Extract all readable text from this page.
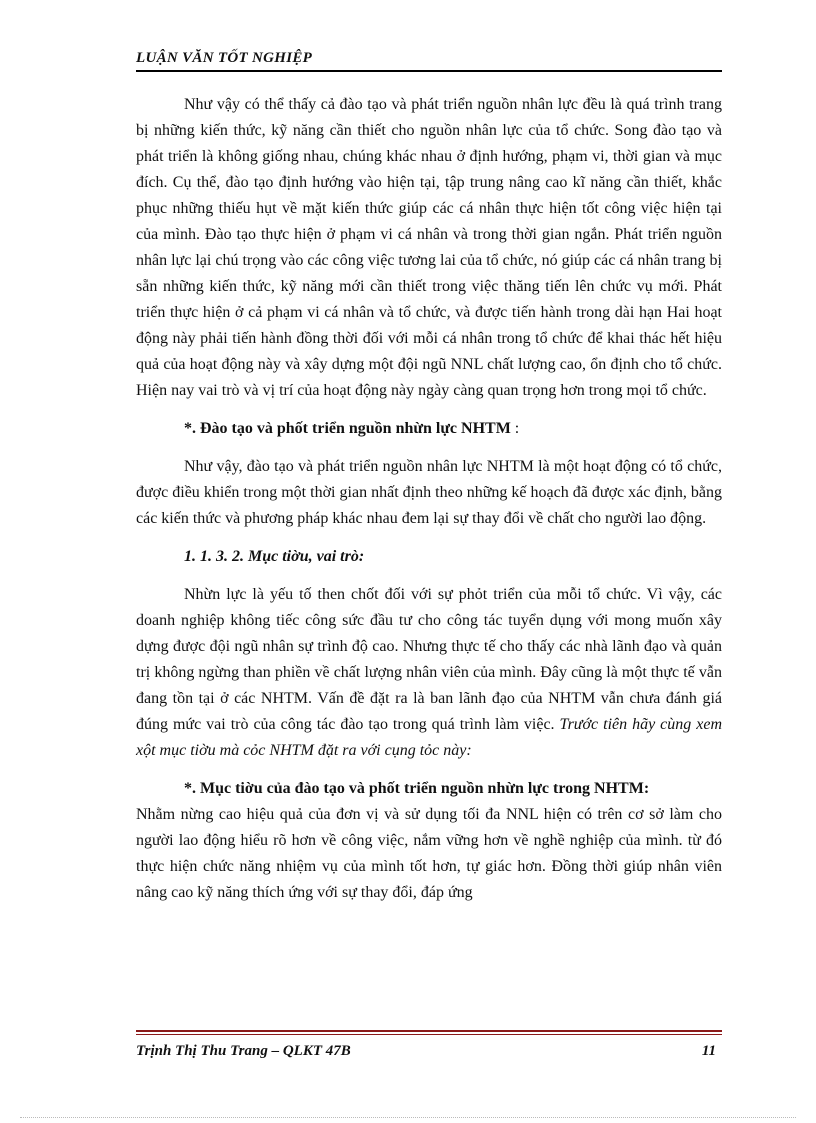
LUẬN VĂN TỐT NGHIỆP

Như vậy có thể thấy cả đào tạo và phát triển nguồn nhân lực đều là quá trình trang bị những kiến thức, kỹ năng cần thiết cho nguồn nhân lực của tổ chức. Song đào tạo và phát triển là không giống nhau, chúng khác nhau ở định hướng, phạm vi, thời gian và mục đích. Cụ thể, đào tạo định hướng vào hiện tại, tập trung nâng cao kĩ năng cần thiết, khắc phục những thiếu hụt về mặt kiến thức giúp các cá nhân thực hiện tốt công việc hiện tại của mình. Đào tạo thực hiện ở phạm vi cá nhân và trong thời gian ngắn. Phát triển nguồn nhân lực lại chú trọng vào các công việc tương lai của tổ chức, nó giúp các cá nhân trang bị sẵn những kiến thức, kỹ năng mới cần thiết trong việc thăng tiến lên chức vụ mới. Phát triển thực hiện ở cả phạm vi cá nhân và tổ chức, và được tiến hành trong dài hạn Hai hoạt động này phải tiến hành đồng thời đối với mỗi cá nhân trong tổ chức để khai thác hết hiệu quả của hoạt động này và xây dựng một đội ngũ NNL chất lượng cao, ổn định cho tổ chức. Hiện nay vai trò và vị trí của hoạt động này ngày càng quan trọng hơn trong mọi tổ chức.

*. Đào tạo và phốt triển nguồn nhừn lực NHTM :

Như vậy, đào tạo và phát triển nguồn nhân lực NHTM là một hoạt động có tổ chức, được điều khiển trong một thời gian nhất định theo những kế hoạch đã được xác định, bằng các kiến thức và phương pháp khác nhau đem lại sự thay đổi về chất cho người lao động.

1. 1. 3. 2. Mục tiờu, vai trò:

Nhừn lực là yếu tố then chốt đối với sự phỏt triển của mỗi tổ chức. Vì vậy, các doanh nghiệp không tiếc công sức đầu tư cho công tác tuyển dụng với mong muốn xây dựng được đội ngũ nhân sự trình độ cao. Nhưng thực tế cho thấy các nhà lãnh đạo và quản trị không ngừng than phiền về chất lượng nhân viên của mình. Đây cũng là một thực tế vẫn đang tồn tại ở các NHTM. Vấn đề đặt ra là ban lãnh đạo của NHTM vẫn chưa đánh giá đúng mức vai trò của công tác đào tạo trong quá trình làm việc. Trước tiên hãy cùng xem xột mục tiờu mà cỏc NHTM đặt ra với cụng tỏc này:

*. Mục tiờu của đào tạo và phốt triển nguồn nhừn lực trong NHTM:

Nhằm nừng cao hiệu quả của đơn vị và sử dụng tối đa NNL hiện có trên cơ sở làm cho người lao động hiểu rõ hơn về công việc, nắm vững hơn về nghề nghiệp của mình. từ đó thực hiện chức năng nhiệm vụ của mình tốt hơn, tự giác hơn. Đồng thời giúp nhân viên nâng cao kỹ năng thích ứng với sự thay đổi, đáp ứng

Trịnh Thị Thu Trang – QLKT 47B	11
